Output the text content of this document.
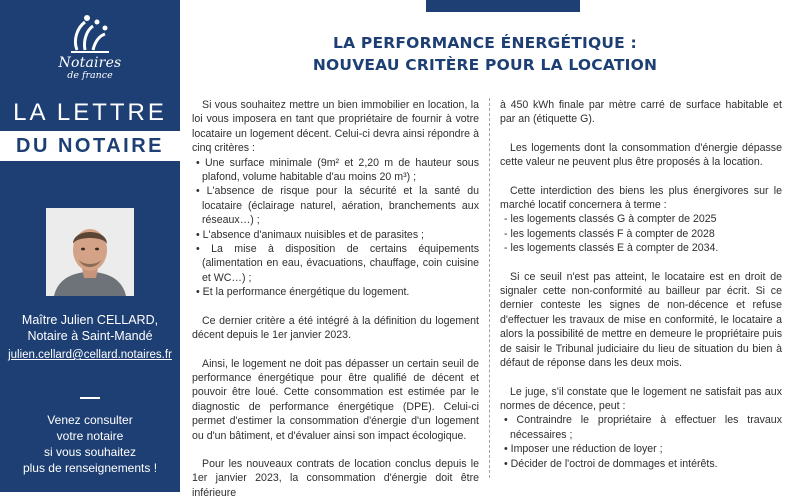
Notaires
de france
LA LETTRE
DU NOTAIRE
Maître Julien CELLARD,
Notaire à Saint-Mandé
julien.cellard@cellard.notaires.fr
Venez consulter
votre notaire
si vous souhaitez
plus de renseignements !
LA PERFORMANCE ÉNERGÉTIQUE :
NOUVEAU CRITÈRE POUR LA LOCATION
Si vous souhaitez mettre un bien immobilier en location, la loi vous imposera en tant que propriétaire de fournir à votre locataire un logement décent. Celui-ci devra ainsi répondre à cinq critères :
• Une surface minimale (9m² et 2,20 m de hauteur sous plafond, volume habitable d'au moins 20 m³) ;
• L'absence de risque pour la sécurité et la santé du locataire (éclairage naturel, aération, branchements aux réseaux…) ;
• L'absence d'animaux nuisibles et de parasites ;
• La mise à disposition de certains équipements (alimentation en eau, évacuations, chauffage, coin cuisine et WC…) ;
• Et la performance énergétique du logement.
Ce dernier critère a été intégré à la définition du logement décent depuis le 1er janvier 2023.
Ainsi, le logement ne doit pas dépasser un certain seuil de performance énergétique pour être qualifié de décent et pouvoir être loué. Cette consommation est estimée par le diagnostic de performance énergétique (DPE). Celui-ci permet d'estimer la consommation d'énergie d'un logement ou d'un bâtiment, et d'évaluer ainsi son impact écologique.
Pour les nouveaux contrats de location conclus depuis le 1er janvier 2023, la consommation d'énergie doit être inférieure
à 450 kWh finale par mètre carré de surface habitable et par an (étiquette G).
Les logements dont la consommation d'énergie dépasse cette valeur ne peuvent plus être proposés à la location.
Cette interdiction des biens les plus énergivores sur le marché locatif concernera à terme :
- les logements classés G à compter de 2025
- les logements classés F à compter de 2028
- les logements classés E à compter de 2034.
Si ce seuil n'est pas atteint, le locataire est en droit de signaler cette non-conformité au bailleur par écrit. Si ce dernier conteste les signes de non-décence et refuse d'effectuer les travaux de mise en conformité, le locataire a alors la possibilité de mettre en demeure le propriétaire puis de saisir le Tribunal judiciaire du lieu de situation du bien à défaut de réponse dans les deux mois.
Le juge, s'il constate que le logement ne satisfait pas aux normes de décence, peut :
• Contraindre le propriétaire à effectuer les travaux nécessaires ;
• Imposer une réduction de loyer ;
• Décider de l'octroi de dommages et intérêts.
